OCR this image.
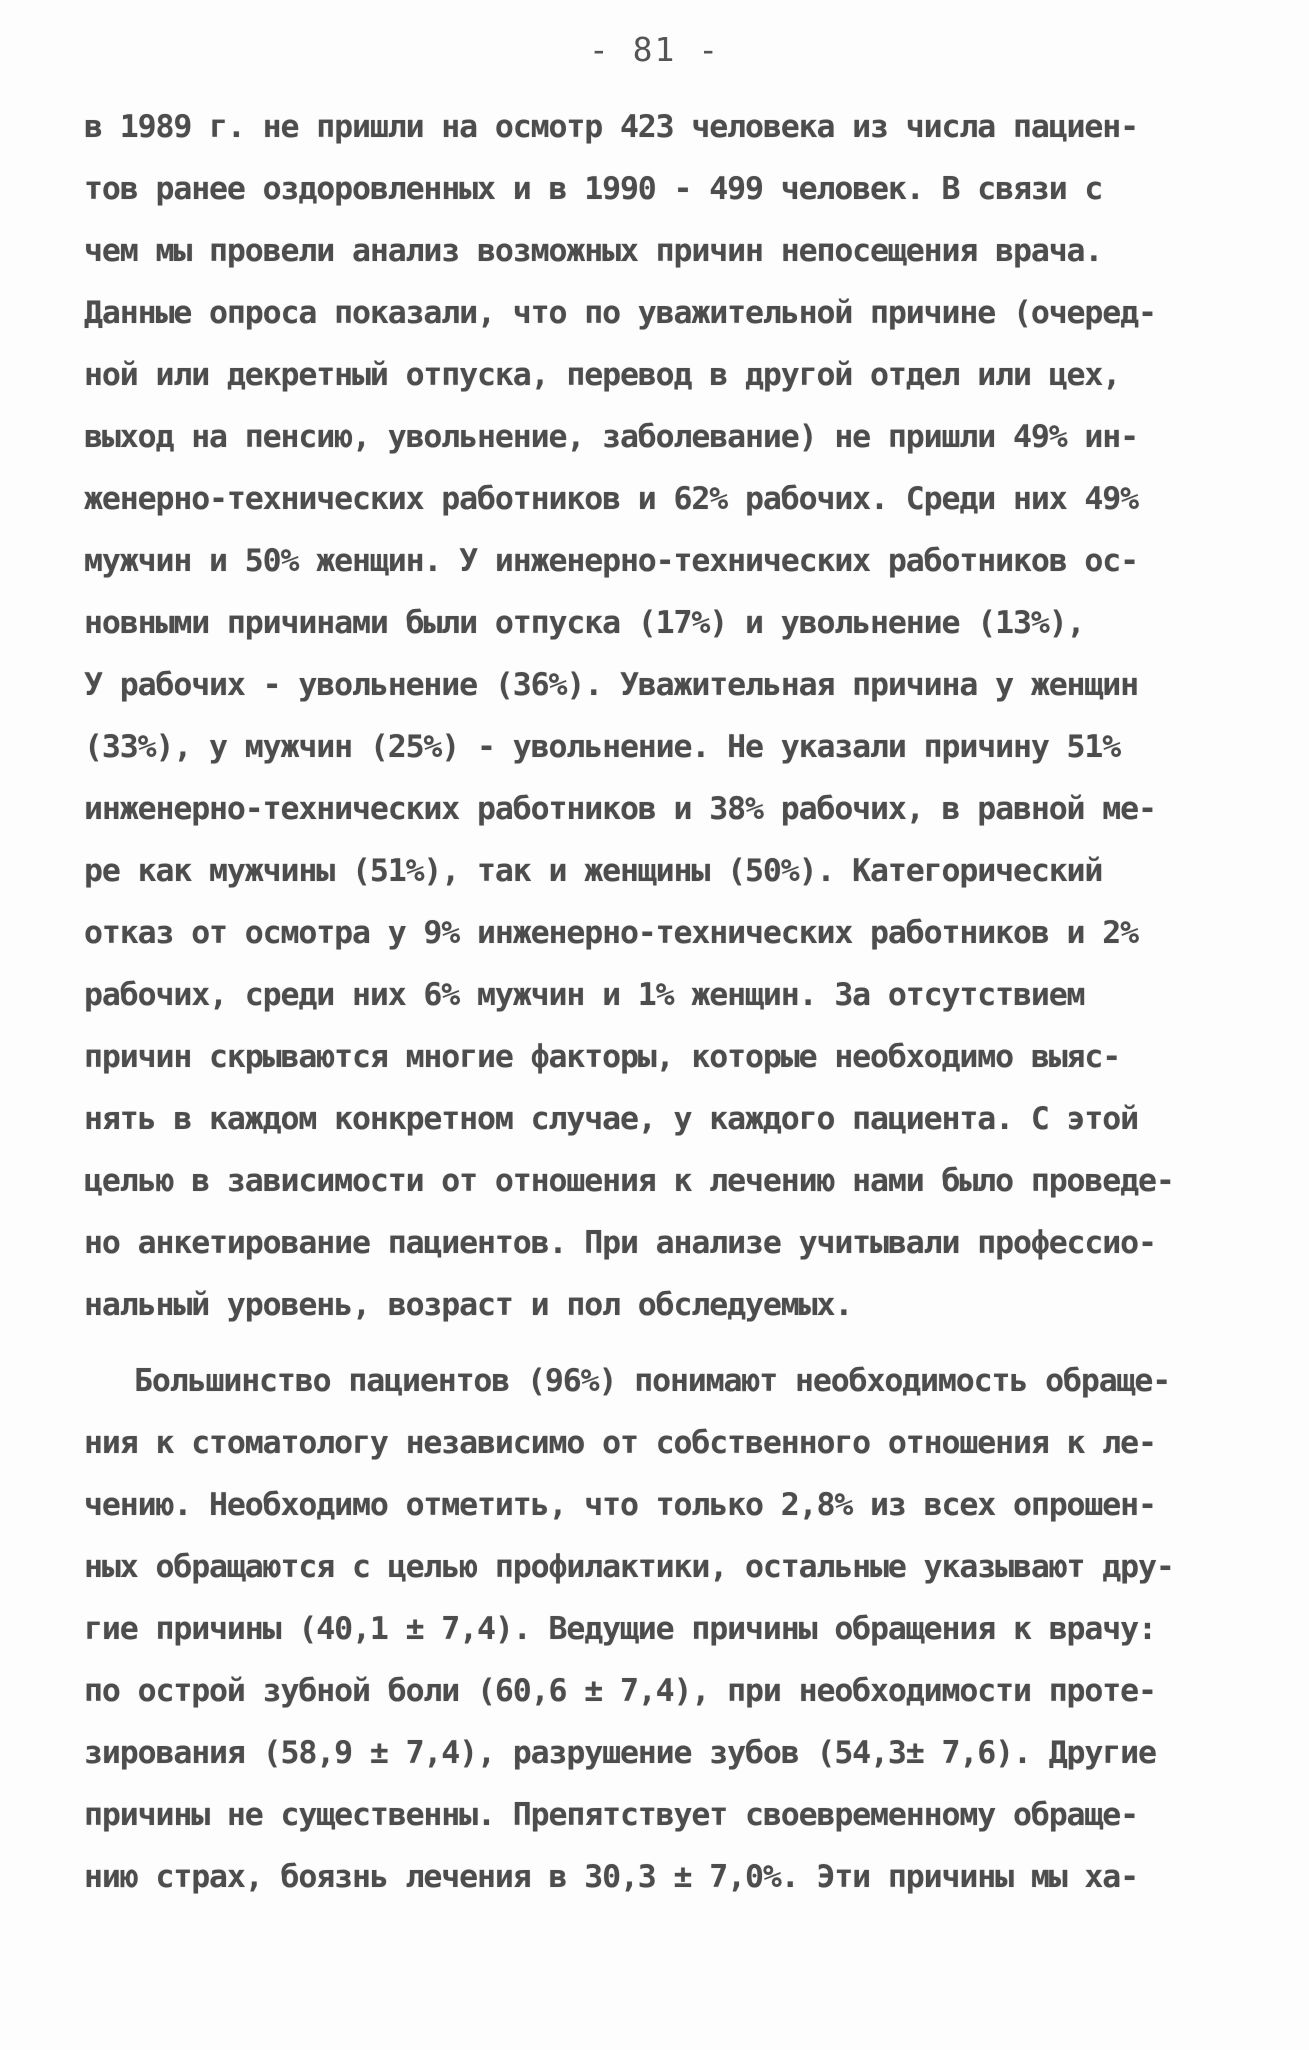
- 81 -
в 1989 г. не пришли на осмотр 423 человека из числа пациен-
тов ранее оздоровленных и в 1990 - 499 человек. В связи с
чем мы провели анализ возможных причин непосещения врача.
Данные опроса показали, что по уважительной причине (очеред-
ной или декретный отпуска, перевод в другой отдел или цех,
выход на пенсию, увольнение, заболевание) не пришли 49% ин-
женерно-технических работников и 62% рабочих. Среди них 49%
мужчин и 50% женщин. У инженерно-технических работников ос-
новными причинами были отпуска (17%) и увольнение (13%),
У рабочих - увольнение (36%). Уважительная причина у женщин
(33%), у мужчин (25%) - увольнение. Не указали причину 51%
инженерно-технических работников и 38% рабочих, в равной ме-
ре как мужчины (51%), так и женщины (50%). Категорический
отказ от осмотра у 9% инженерно-технических работников и 2%
рабочих, среди них 6% мужчин и 1% женщин. За отсутствием
причин скрываются многие факторы, которые необходимо выяс-
нять в каждом конкретном случае, у каждого пациента. С этой
целью в зависимости от отношения к лечению нами было проведе-
но анкетирование пациентов. При анализе учитывали профессио-
нальный уровень, возраст и пол обследуемых.
Большинство пациентов (96%) понимают необходимость обраще-
ния к стоматологу независимо от собственного отношения к ле-
чению. Необходимо отметить, что только 2,8% из всех опрошен-
ных обращаются с целью профилактики, остальные указывают дру-
гие причины (40,1 ± 7,4). Ведущие причины обращения к врачу:
по острой зубной боли (60,6 ± 7,4), при необходимости протe-
зирования (58,9 ± 7,4), разрушение зубов (54,3± 7,6). Другие
причины не существенны. Препятствует своевременному обраще-
нию страх, боязнь лечения в 30,3 ± 7,0%. Эти причины мы ха-
